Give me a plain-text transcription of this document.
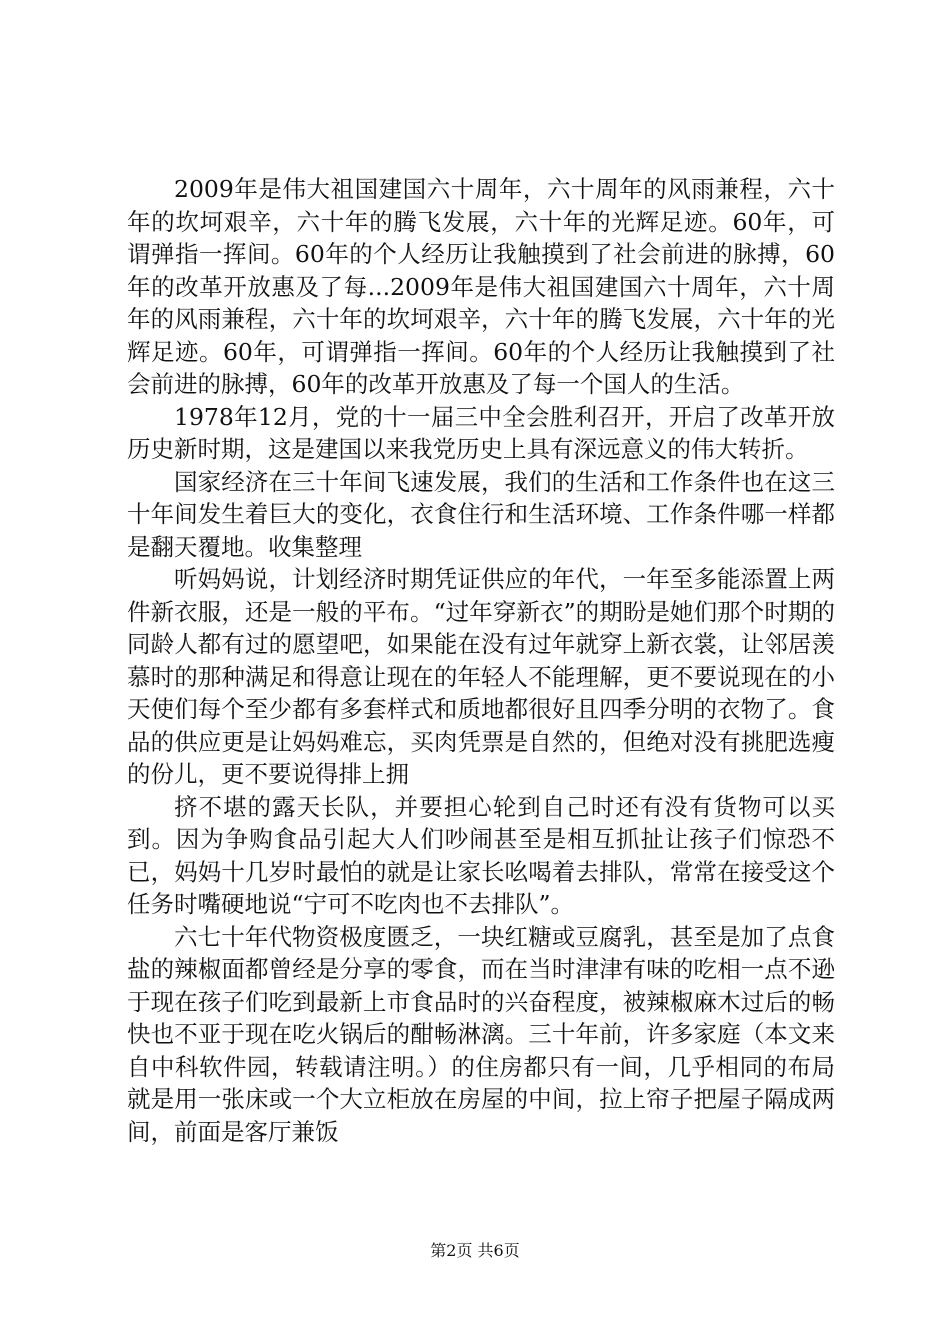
2009年是伟大祖国建国六十周年，六十周年的风雨兼程，六十年的坎坷艰辛，六十年的腾飞发展，六十年的光辉足迹。60年，可谓弹指一挥间。60年的个人经历让我触摸到了社会前进的脉搏，60年的改革开放惠及了每...2009年是伟大祖国建国六十周年，六十周年的风雨兼程，六十年的坎坷艰辛，六十年的腾飞发展，六十年的光辉足迹。60年，可谓弹指一挥间。60年的个人经历让我触摸到了社会前进的脉搏，60年的改革开放惠及了每一个国人的生活。

1978年12月，党的十一届三中全会胜利召开，开启了改革开放历史新时期，这是建国以来我党历史上具有深远意义的伟大转折。

国家经济在三十年间飞速发展，我们的生活和工作条件也在这三十年间发生着巨大的变化，衣食住行和生活环境、工作条件哪一样都是翻天覆地。收集整理

听妈妈说，计划经济时期凭证供应的年代，一年至多能添置上两件新衣服，还是一般的平布。“过年穿新衣”的期盼是她们那个时期的同龄人都有过的愿望吧，如果能在没有过年就穿上新衣裳，让邻居羡慕时的那种满足和得意让现在的年轻人不能理解，更不要说现在的小天使们每个至少都有多套样式和质地都很好且四季分明的衣物了。食品的供应更是让妈妈难忘，买肉凭票是自然的，但绝对没有挑肥选瘦的份儿，更不要说得排上拥

挤不堪的露天长队，并要担心轮到自己时还有没有货物可以买到。因为争购食品引起大人们吵闹甚至是相互抓扯让孩子们惊恐不已，妈妈十几岁时最怕的就是让家长吆喝着去排队，常常在接受这个任务时嘴硬地说“宁可不吃肉也不去排队”。

六七十年代物资极度匮乏，一块红糖或豆腐乳，甚至是加了点食盐的辣椒面都曾经是分享的零食，而在当时津津有味的吃相一点不逊于现在孩子们吃到最新上市食品时的兴奋程度，被辣椒麻木过后的畅快也不亚于现在吃火锅后的酣畅淋漓。三十年前，许多家庭（本文来自中科软件园，转载请注明。）的住房都只有一间，几乎相同的布局就是用一张床或一个大立柜放在房屋的中间，拉上帘子把屋子隔成两间，前面是客厅兼饭

第2页 共6页
